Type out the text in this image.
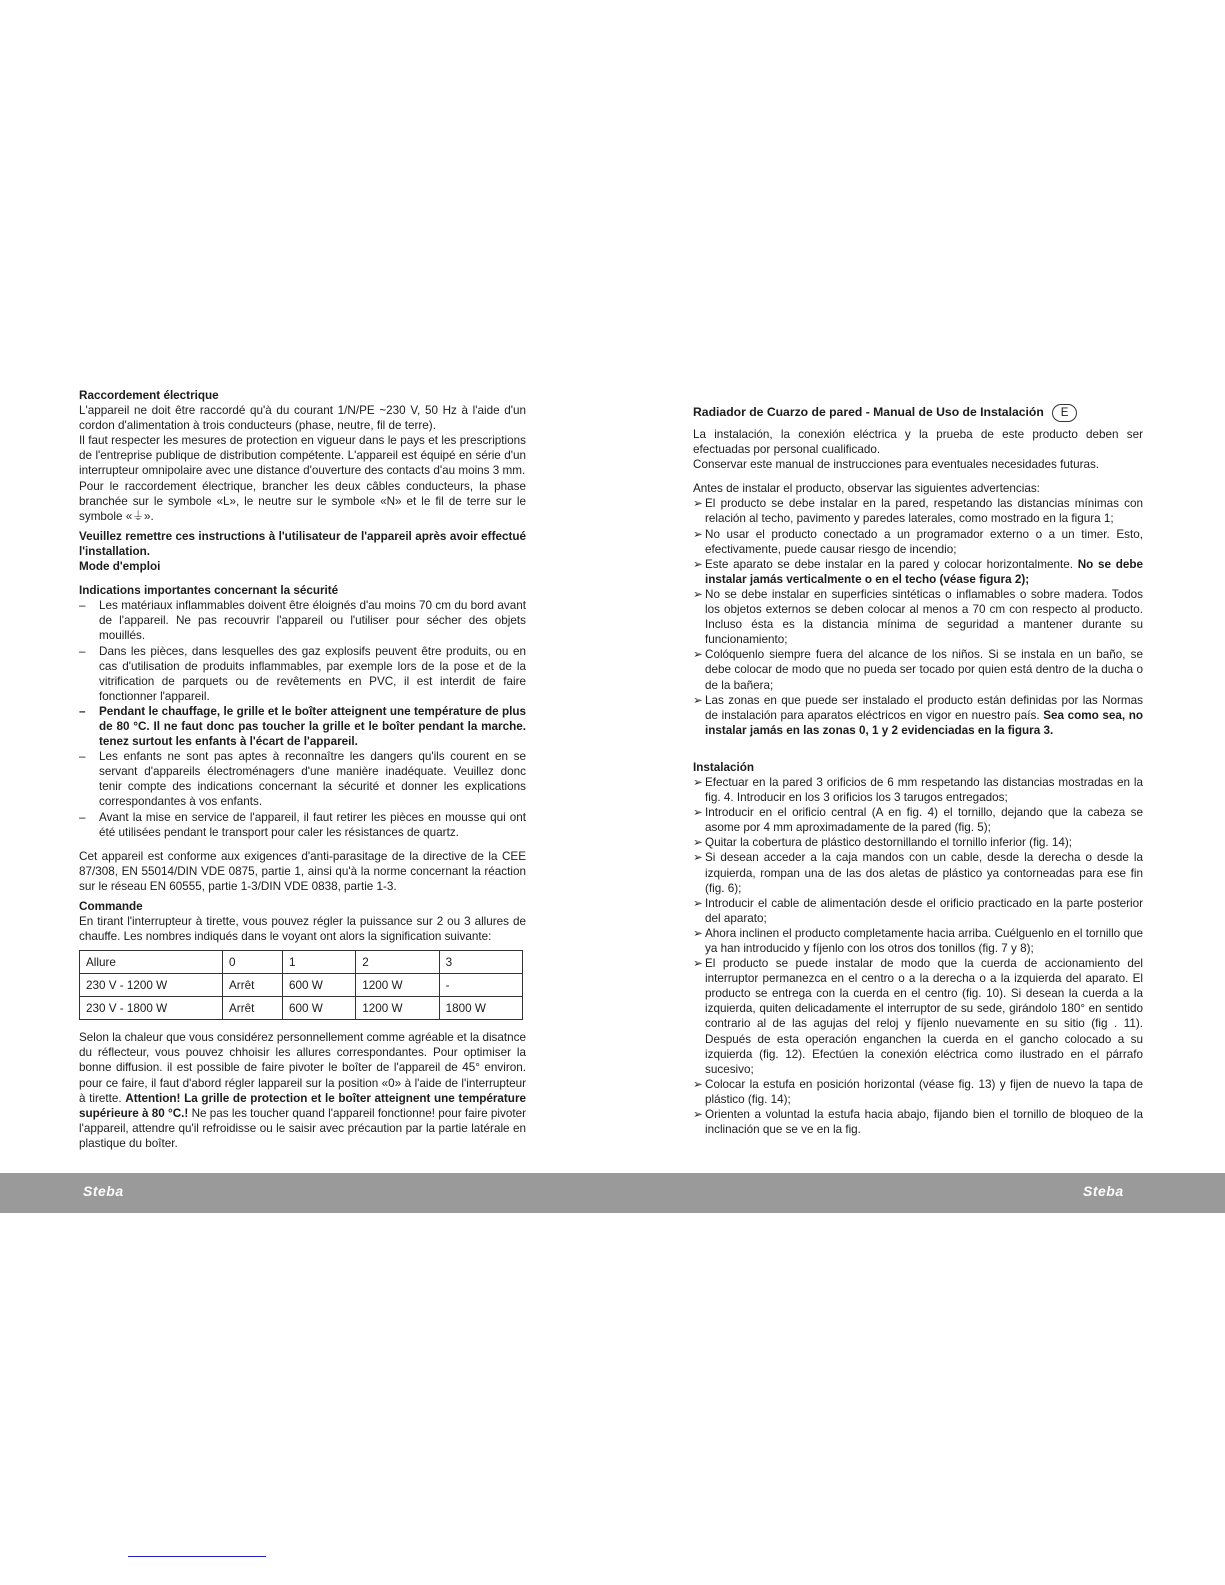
Raccordement électrique

L'appareil ne doit être raccordé qu'à du courant 1/N/PE ~230 V, 50 Hz à l'aide d'un cordon d'alimentation à trois conducteurs (phase, neutre, fil de terre).

Il faut respecter les mesures de protection en vigueur dans le pays et les prescriptions de l'entreprise publique de distribution compétente. L'appareil est équipé en série d'un interrupteur omnipolaire avec une distance d'ouverture des contacts d'au moins 3 mm.

Pour le raccordement électrique, brancher les deux câbles conducteurs, la phase branchée sur le symbole «L», le neutre sur le symbole «N» et le fil de terre sur le symbole «⏚».

Veuillez remettre ces instructions à l'utilisateur de l'appareil après avoir effectué l'installation.

Mode d'emploi

Indications importantes concernant la sécurité

– Les matériaux inflammables doivent être éloignés d'au moins 70 cm du bord avant de l'appareil. Ne pas recouvrir l'appareil ou l'utiliser pour sécher des objets mouillés.
– Dans les pièces, dans lesquelles des gaz explosifs peuvent être produits, ou en cas d'utilisation de produits inflammables, par exemple lors de la pose et de la vitrification de parquets ou de revêtements en PVC, il est interdit de faire fonctionner l'appareil.
– Pendant le chauffage, le grille et le boîter atteignent une température de plus de 80 °C. Il ne faut donc pas toucher la grille et le boîter pendant la marche. tenez surtout les enfants à l'écart de l'appareil.
– Les enfants ne sont pas aptes à reconnaître les dangers qu'ils courent en se servant d'appareils électroménagers d'une manière inadéquate. Veuillez donc tenir compte des indications concernant la sécurité et donner les explications correspondantes à vos enfants.
– Avant la mise en service de l'appareil, il faut retirer les pièces en mousse qui ont été utilisées pendant le transport pour caler les résistances de quartz.

Cet appareil est conforme aux exigences d'anti-parasitage de la directive de la CEE 87/308, EN 55014/DIN VDE 0875, partie 1, ainsi qu'à la norme concernant la réaction sur le réseau EN 60555, partie 1-3/DIN VDE 0838, partie 1-3.

Commande

En tirant l'interrupteur à tirette, vous pouvez régler la puissance sur 2 ou 3 allures de chauffe. Les nombres indiqués dans le voyant ont alors la signification suivante:

Allure	0	1	2	3
230 V - 1200 W	Arrêt	600 W	1200 W	-
230 V - 1800 W	Arrêt	600 W	1200 W	1800 W

Selon la chaleur que vous considérez personnellement comme agréable et la disatnce du réflecteur, vous pouvez chhoisir les allures correspondantes. Pour optimiser la bonne diffusion. il est possible de faire pivoter le boîter de l'appareil de 45° environ. pour ce faire, il faut d'abord régler lappareil sur la position «0» à l'aide de l'interrupteur à tirette. Attention! La grille de protection et le boîter atteignent une température supérieure à 80 °C.! Ne pas les toucher quand l'appareil fonctionne! pour faire pivoter l'appareil, attendre qu'il refroidisse ou le saisir avec précaution par la partie latérale en plastique du boîter.

Radiador de Cuarzo de pared - Manual de Uso de Instalación	E

La instalación, la conexión eléctrica y la prueba de este producto deben ser efectuadas por personal cualificado.

Conservar este manual de instrucciones para eventuales necesidades futuras.

Antes de instalar el producto, observar las siguientes advertencias:

➢ El producto se debe instalar en la pared, respetando las distancias mínimas con relación al techo, pavimento y paredes laterales, como mostrado en la figura 1;
➢ No usar el producto conectado a un programador externo o a un timer. Esto, efectivamente, puede causar riesgo de incendio;
➢ Este aparato se debe instalar en la pared y colocar horizontalmente. No se debe instalar jamás verticalmente o en el techo (véase figura 2);
➢ No se debe instalar en superficies sintéticas o inflamables o sobre madera. Todos los objetos externos se deben colocar al menos a 70 cm con respecto al producto. Incluso ésta es la distancia mínima de seguridad a mantener durante su funcionamiento;
➢ Colóquenlo siempre fuera del alcance de los niños. Si se instala en un baño, se debe colocar de modo que no pueda ser tocado por quien está dentro de la ducha o de la bañera;
➢ Las zonas en que puede ser instalado el producto están definidas por las Normas de instalación para aparatos eléctricos en vigor en nuestro país. Sea como sea, no instalar jamás en las zonas 0, 1 y 2 evidenciadas en la figura 3.

Instalación

➢ Efectuar en la pared 3 orificios de 6 mm respetando las distancias mostradas en la fig. 4. Introducir en los 3 orificios los 3 tarugos entregados;
➢ Introducir en el orificio central (A en fig. 4) el tornillo, dejando que la cabeza se asome por 4 mm aproximadamente de la pared (fig. 5);
➢ Quitar la cobertura de plástico destornillando el tornillo inferior (fig. 14);
➢ Si desean acceder a la caja mandos con un cable, desde la derecha o desde la izquierda, rompan una de las dos aletas de plástico ya contorneadas para ese fin (fig. 6);
➢ Introducir el cable de alimentación desde el orificio practicado en la parte posterior del aparato;
➢ Ahora inclinen el producto completamente hacia arriba. Cuélguenlo en el tornillo que ya han introducido y fíjenlo con los otros dos tonillos (fig. 7 y 8);
➢ El producto se puede instalar de modo que la cuerda de accionamiento del interruptor permanezca en el centro o a la derecha o a la izquierda del aparato. El producto se entrega con la cuerda en el centro (fig. 10). Si desean la cuerda a la izquierda, quiten delicadamente el interruptor de su sede, girándolo 180° en sentido contrario al de las agujas del reloj y fíjenlo nuevamente en su sitio (fig . 11). Después de esta operación enganchen la cuerda en el gancho colocado a su izquierda (fig. 12). Efectúen la conexión eléctrica como ilustrado en el párrafo sucesivo;
➢ Colocar la estufa en posición horizontal (véase fig. 13) y fijen de nuevo la tapa de plástico (fig. 14);
➢ Orienten a voluntad la estufa hacia abajo, fijando bien el tornillo de bloqueo de la inclinación que se ve en la fig.
Steba	Steba
